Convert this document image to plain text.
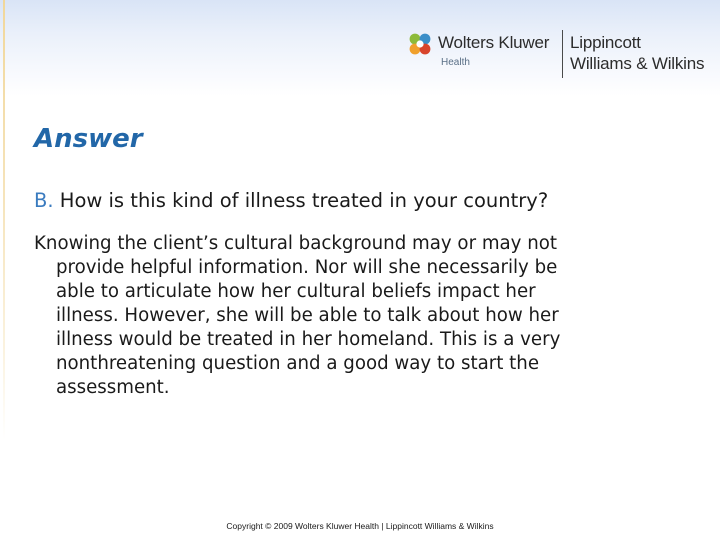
Wolters Kluwer
Health
Lippincott
Williams & Wilkins
Answer

B. How is this kind of illness treated in your country?

Knowing the client’s cultural background may or may not
provide helpful information. Nor will she necessarily be
able to articulate how her cultural beliefs impact her
illness. However, she will be able to talk about how her
illness would be treated in her homeland. This is a very
nonthreatening question and a good way to start the
assessment.
Copyright © 2009 Wolters Kluwer Health | Lippincott Williams & Wilkins
